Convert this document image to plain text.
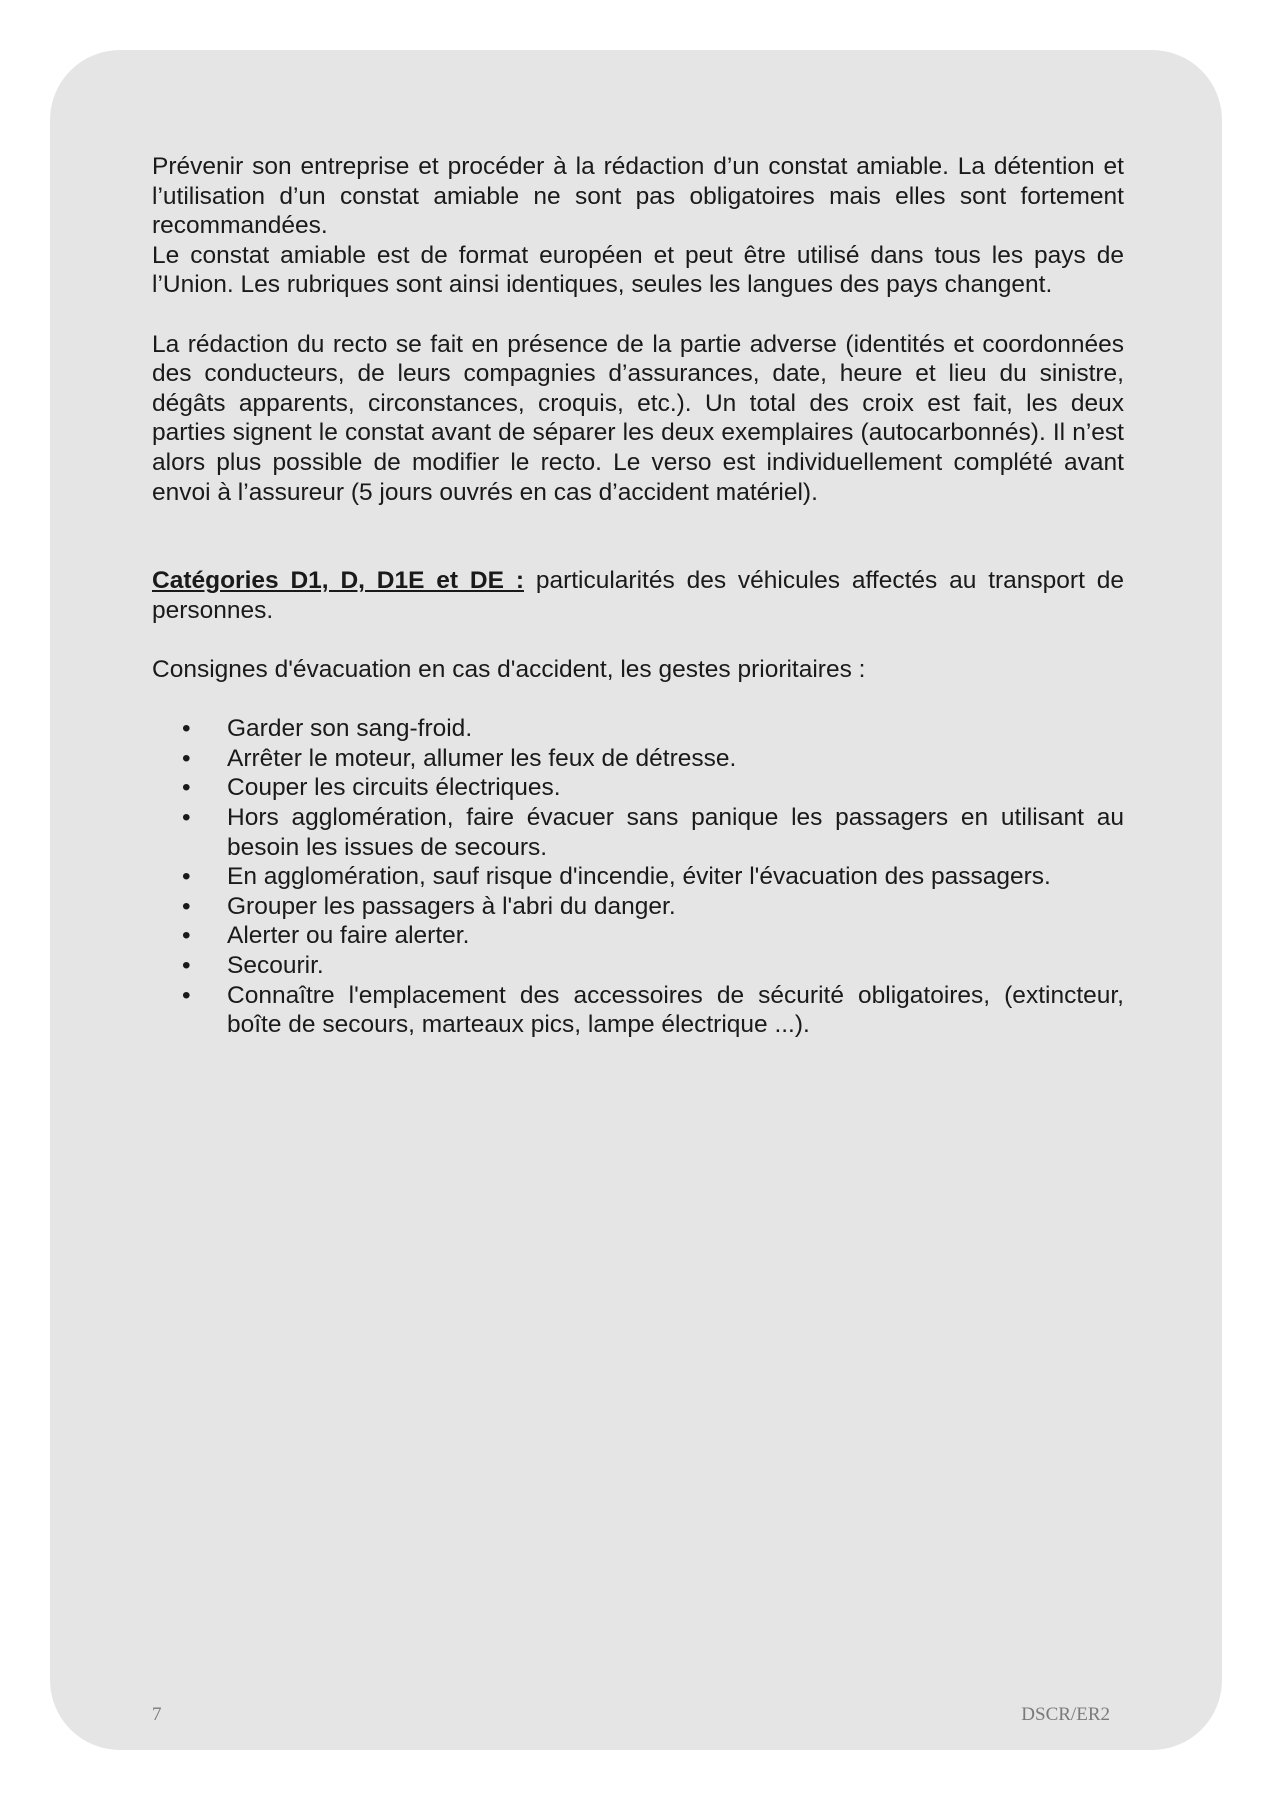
Prévenir son entreprise et procéder à la rédaction d’un constat amiable. La détention et l’utilisation d’un constat amiable ne sont pas obligatoires mais elles sont fortement recommandées.

Le constat amiable est de format européen et peut être utilisé dans tous les pays de l’Union. Les rubriques sont ainsi identiques, seules les langues des pays changent.

La rédaction du recto se fait en présence de la partie adverse (identités et coordonnées des conducteurs, de leurs compagnies d’assurances, date, heure et lieu du sinistre, dégâts apparents, circonstances, croquis, etc.). Un total des croix est fait, les deux parties signent le constat avant de séparer les deux exemplaires (autocarbonnés). Il n’est alors plus possible de modifier le recto. Le verso est individuellement complété avant envoi à l’assureur (5 jours ouvrés en cas d’accident matériel).

Catégories D1, D, D1E et DE : particularités des véhicules affectés au transport de personnes.

Consignes d'évacuation en cas d'accident, les gestes prioritaires :

• Garder son sang-froid.
• Arrêter le moteur, allumer les feux de détresse.
• Couper les circuits électriques.
• Hors agglomération, faire évacuer sans panique les passagers en utilisant au besoin les issues de secours.
• En agglomération, sauf risque d'incendie, éviter l'évacuation des passagers.
• Grouper les passagers à l'abri du danger.
• Alerter ou faire alerter.
• Secourir.
• Connaître l'emplacement des accessoires de sécurité obligatoires, (extincteur, boîte de secours, marteaux pics, lampe électrique ...).
7	DSCR/ER2
